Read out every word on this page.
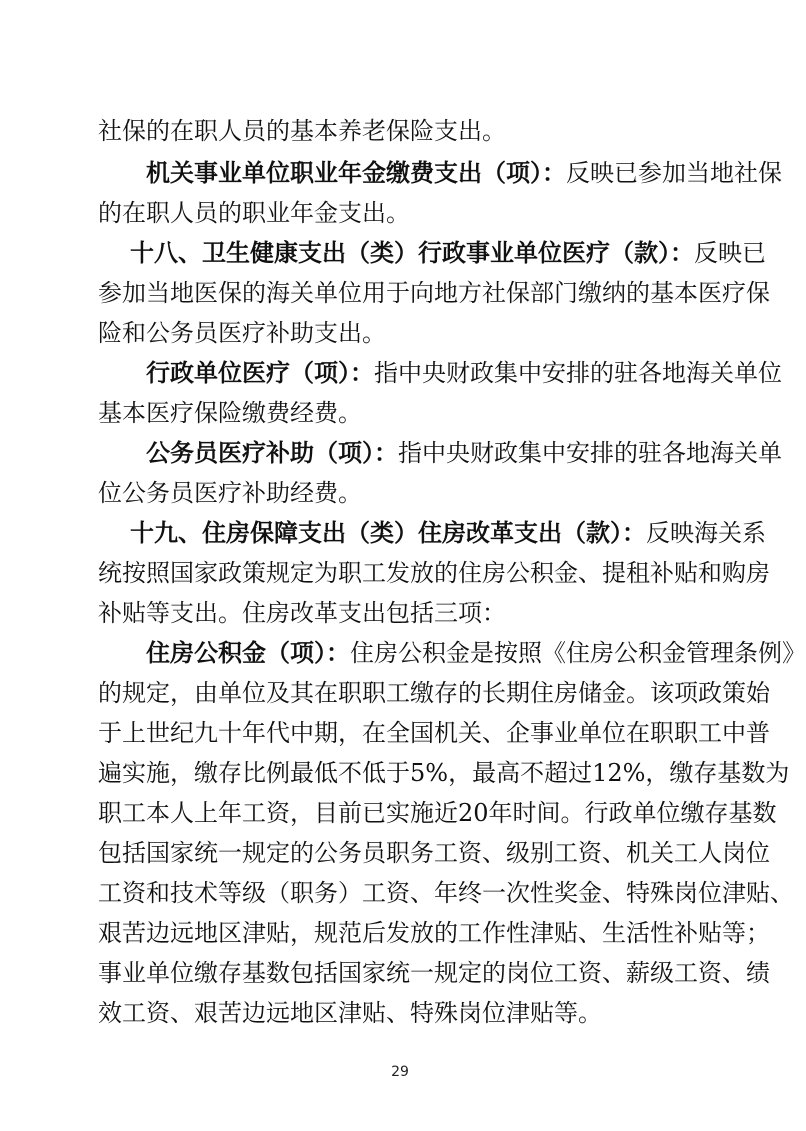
社保的在职人员的基本养老保险支出。
机关事业单位职业年金缴费支出（项）：反映已参加当地社保
的在职人员的职业年金支出。
十八、卫生健康支出（类）行政事业单位医疗（款）：反映已
参加当地医保的海关单位用于向地方社保部门缴纳的基本医疗保
险和公务员医疗补助支出。
行政单位医疗（项）：指中央财政集中安排的驻各地海关单位
基本医疗保险缴费经费。
公务员医疗补助（项）：指中央财政集中安排的驻各地海关单
位公务员医疗补助经费。
十九、住房保障支出（类）住房改革支出（款）：反映海关系
统按照国家政策规定为职工发放的住房公积金、提租补贴和购房
补贴等支出。住房改革支出包括三项：
住房公积金（项）：住房公积金是按照《住房公积金管理条例》
的规定，由单位及其在职职工缴存的长期住房储金。该项政策始
于上世纪九十年代中期，在全国机关、企事业单位在职职工中普
遍实施，缴存比例最低不低于5%，最高不超过12%，缴存基数为
职工本人上年工资，目前已实施近20年时间。行政单位缴存基数
包括国家统一规定的公务员职务工资、级别工资、机关工人岗位
工资和技术等级（职务）工资、年终一次性奖金、特殊岗位津贴、
艰苦边远地区津贴，规范后发放的工作性津贴、生活性补贴等；
事业单位缴存基数包括国家统一规定的岗位工资、薪级工资、绩
效工资、艰苦边远地区津贴、特殊岗位津贴等。
29
